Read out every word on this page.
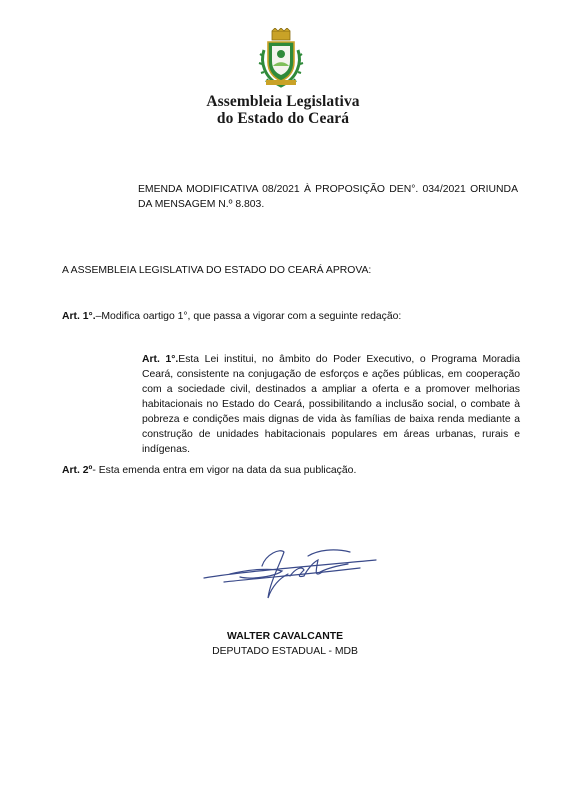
Assembleia Legislativa
do Estado do Ceará
EMENDA MODIFICATIVA 08/2021 À PROPOSIÇÃO DEN°. 034/2021 ORIUNDA DA MENSAGEM N.º 8.803.
A ASSEMBLEIA LEGISLATIVA DO ESTADO DO CEARÁ APROVA:
Art. 1°.–Modifica oartigo 1°, que passa a vigorar com a seguinte redação:
Art. 1°.Esta Lei institui, no âmbito do Poder Executivo, o Programa Moradia Ceará, consistente na conjugação de esforços e ações públicas, em cooperação com a sociedade civil, destinados a ampliar a oferta e a promover melhorias habitacionais no Estado do Ceará, possibilitando a inclusão social, o combate à pobreza e condições mais dignas de vida às famílias de baixa renda mediante a construção de unidades habitacionais populares em áreas urbanas, rurais e indígenas.
Art. 2º- Esta emenda entra em vigor na data da sua publicação.
WALTER CAVALCANTE
DEPUTADO ESTADUAL - MDB
